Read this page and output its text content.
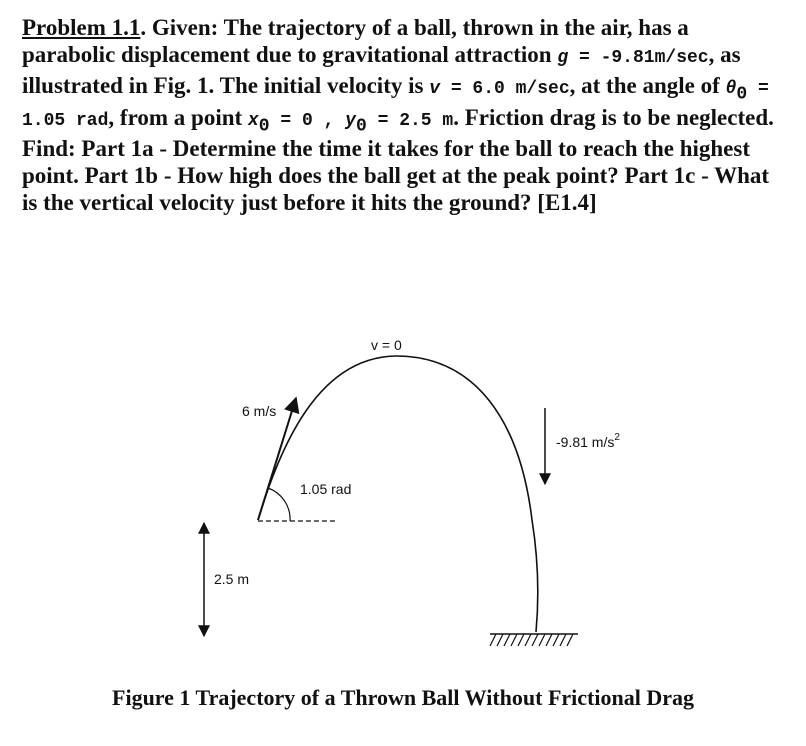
Problem 1.1. Given: The trajectory of a ball, thrown in the air, has a parabolic displacement due to gravitational attraction g = -9.81m/sec, as illustrated in Fig. 1. The initial velocity is v = 6.0 m/sec, at the angle of $\theta_0 = 1.05$ rad, from a point $x_0 = 0$ , $y_0 = 2.5$ m. Friction drag is to be neglected. Find: Part 1a - Determine the time it takes for the ball to reach the highest point. Part 1b - How high does the ball get at the peak point? Part 1c - What is the vertical velocity just before it hits the ground? [E1.4]

v = 0
6 m/s
1.05 rad
-9.81 $m/s^2$
2.5 m

Figure 1 Trajectory of a Thrown Ball Without Frictional Drag
